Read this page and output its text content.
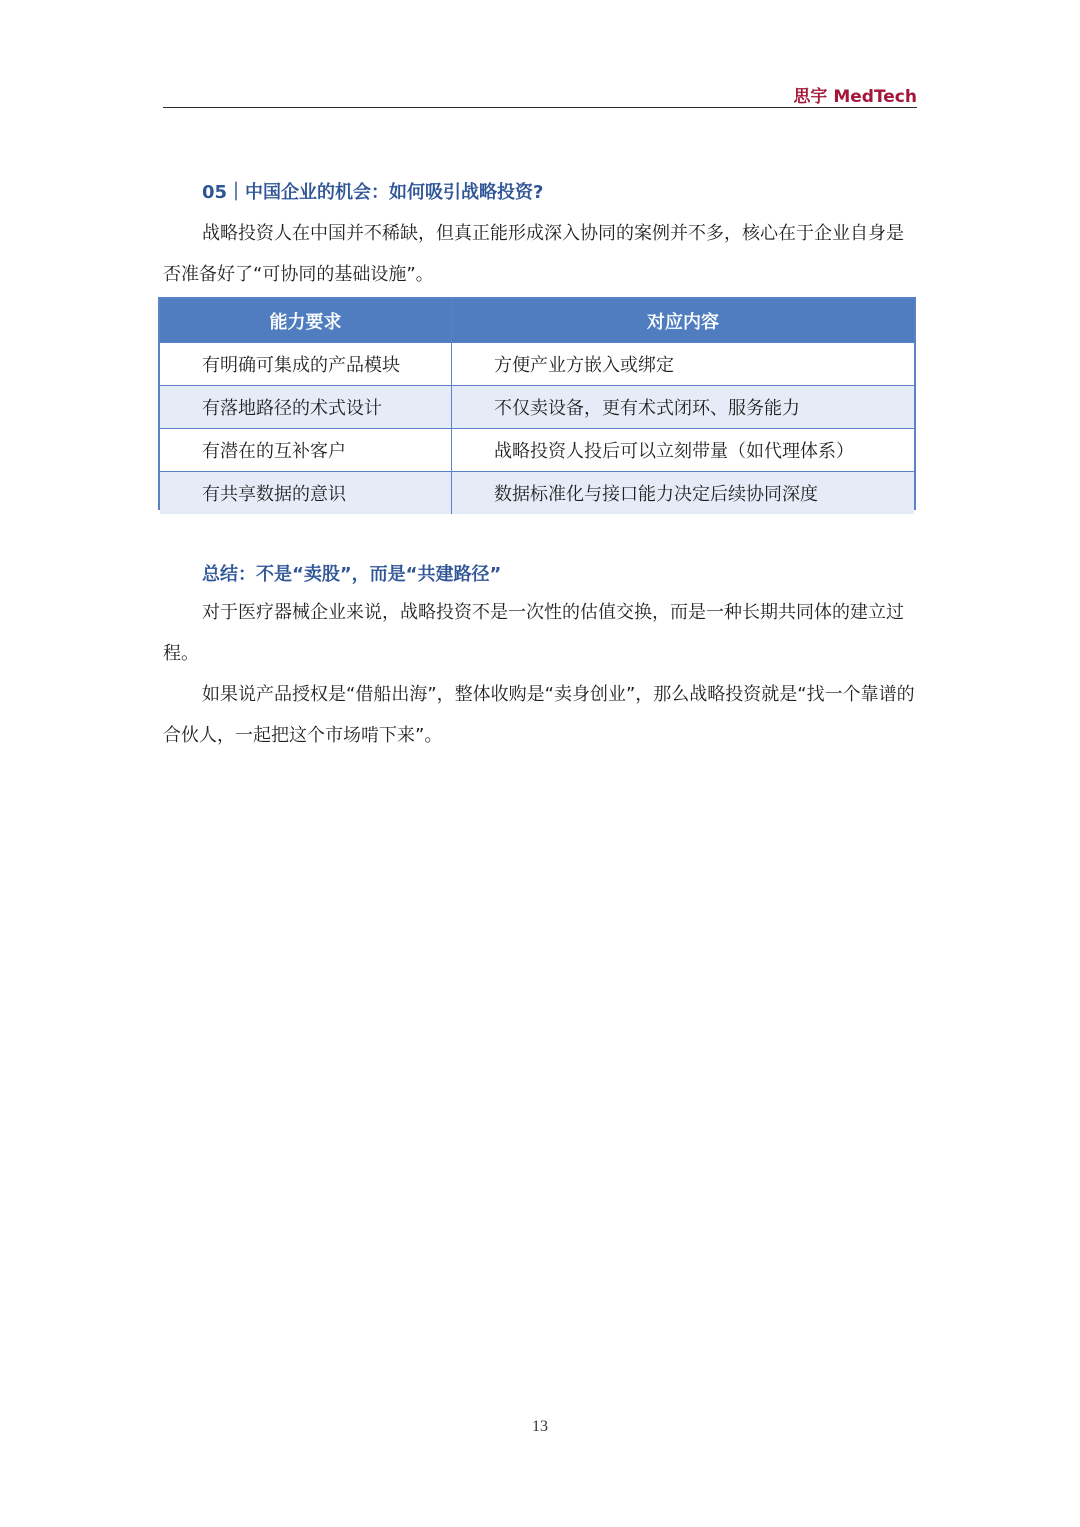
思宇 MedTech
05｜中国企业的机会：如何吸引战略投资?

战略投资人在中国并不稀缺，但真正能形成深入协同的案例并不多，核心在于企业自身是否准备好了“可协同的基础设施”。

能力要求	对应内容
有明确可集成的产品模块	方便产业方嵌入或绑定
有落地路径的术式设计	不仅卖设备，更有术式闭环、服务能力
有潜在的互补客户	战略投资人投后可以立刻带量（如代理体系）
有共享数据的意识	数据标准化与接口能力决定后续协同深度
总结：不是“卖股”，而是“共建路径”

对于医疗器械企业来说，战略投资不是一次性的估值交换，而是一种长期共同体的建立过程。

如果说产品授权是“借船出海”，整体收购是“卖身创业”，那么战略投资就是“找一个靠谱的合伙人，一起把这个市场啃下来”。

13
